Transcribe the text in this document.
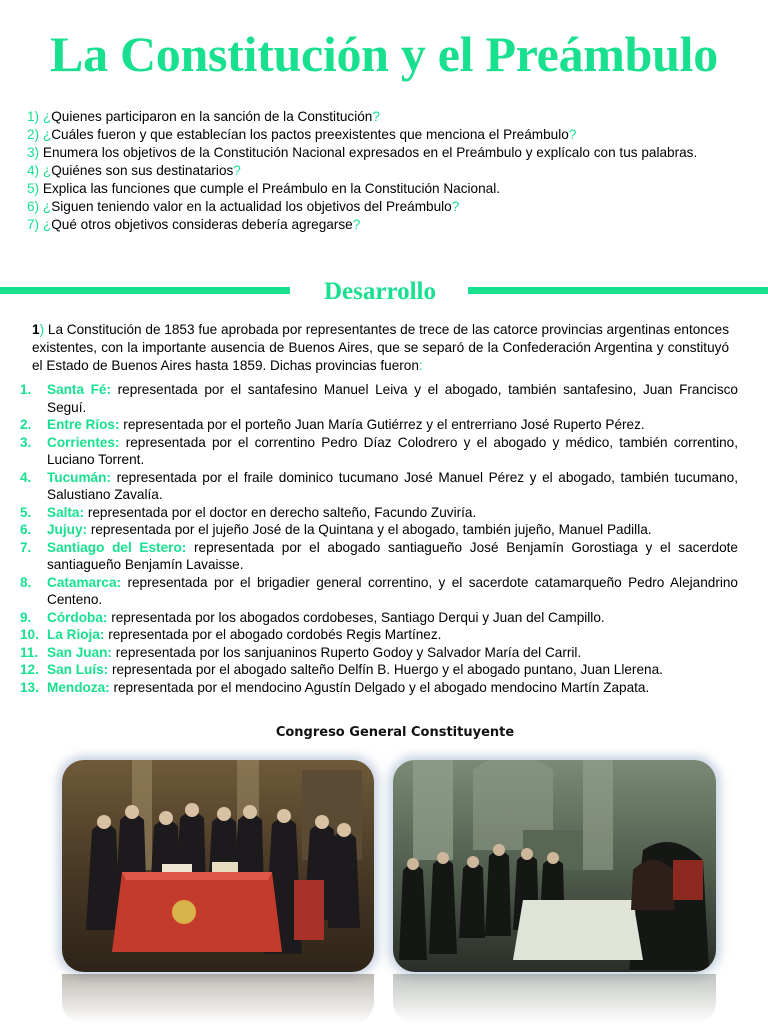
La Constitución y el Preámbulo
1) ¿Quienes participaron en la sanción de la Constitución?
2) ¿Cuáles fueron y que establecían los pactos preexistentes que menciona el Preámbulo?
3) Enumera los objetivos de la Constitución Nacional expresados en el Preámbulo y explícalo con tus palabras.
4) ¿Quiénes son sus destinatarios?
5) Explica las funciones que cumple el Preámbulo en la Constitución Nacional.
6) ¿Siguen teniendo valor en la actualidad los objetivos del Preámbulo?
7) ¿Qué otros objetivos consideras debería agregarse?
Desarrollo
1) La Constitución de 1853 fue aprobada por representantes de trece de las catorce provincias argentinas entonces existentes, con la importante ausencia de Buenos Aires, que se separó de la Confederación Argentina y constituyó el Estado de Buenos Aires hasta 1859. Dichas provincias fueron:
1.	Santa Fé: representada por el santafesino Manuel Leiva y el abogado, también santafesino, Juan Francisco Seguí.
2.	Entre Ríos: representada por el porteño Juan María Gutiérrez y el entrerriano José Ruperto Pérez.
3.	Corrientes: representada por el correntino Pedro Díaz Colodrero y el abogado y médico, también correntino, Luciano Torrent.
4.	Tucumán: representada por el fraile dominico tucumano José Manuel Pérez y el abogado, también tucumano, Salustiano Zavalía.
5.	Salta: representada por el doctor en derecho salteño, Facundo Zuviría.
6.	Jujuy: representada por el jujeño José de la Quintana y el abogado, también jujeño, Manuel Padilla.
7.	Santiago del Estero: representada por el abogado santiagueño José Benjamín Gorostiaga y el sacerdote santiagueño Benjamín Lavaisse.
8.	Catamarca: representada por el brigadier general correntino, y el sacerdote catamarqueño Pedro Alejandrino Centeno.
9.	Córdoba: representada por los abogados cordobeses, Santiago Derqui y Juan del Campillo.
10. La Rioja: representada por el abogado cordobés Regis Martínez.
11. San Juan: representada por los sanjuaninos Ruperto Godoy y Salvador María del Carril.
12. San Luís: representada por el abogado salteño Delfín B. Huergo y el abogado puntano, Juan Llerena.
13. Mendoza: representada por el mendocino Agustín Delgado y el abogado mendocino Martín Zapata.
Congreso General Constituyente
